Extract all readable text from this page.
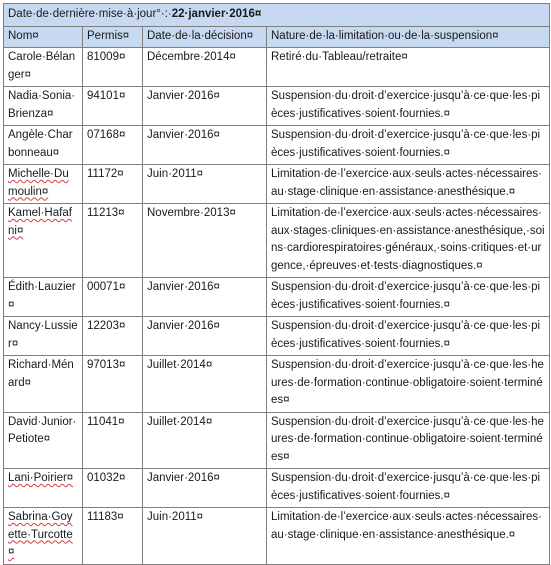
Date·de·dernière·mise·à·jour°·:·22·janvier·2016¤			
Nom¤	Permis¤	Date·de·la·décision¤	Nature·de·la·limitation·ou·de·la·suspension¤
Carole·Bélanger¤	81009¤	Décembre·2014¤	Retiré·du·Tableau/retraite¤
Nadia·Sonia·Brienza¤	94101¤	Janvier·2016¤	Suspension·du·droit·d’exercice·jusqu’à·ce·que·les·pièces·justificatives·soient·fournies.¤
Angèle·Charbonneau¤	07168¤	Janvier·2016¤	Suspension·du·droit·d’exercice·jusqu’à·ce·que·les·pièces·justificatives·soient·fournies.¤
Michelle·Dumoulin¤	11172¤	Juin·2011¤	Limitation·de·l’exercice·aux·seuls·actes·nécessaires·au·stage·clinique·en·assistance·anesthésique.¤
Kamel·Hafafni¤	11213¤	Novembre·2013¤	Limitation·de·l’exercice·aux·seuls·actes·nécessaires·aux·stages·cliniques·en·assistance·anesthésique,·soins·cardiorespiratoires·généraux,·soins·critiques·et·urgence,·épreuves·et·tests·diagnostiques.¤
Édith·Lauzier¤	00071¤	Janvier·2016¤	Suspension·du·droit·d’exercice·jusqu’à·ce·que·les·pièces·justificatives·soient·fournies.¤
Nancy·Lussier¤	12203¤	Janvier·2016¤	Suspension·du·droit·d’exercice·jusqu’à·ce·que·les·pièces·justificatives·soient·fournies.¤
Richard·Ménard¤	97013¤	Juillet·2014¤	Suspension·du·droit·d’exercice·jusqu’à·ce·que·les·heures·de·formation·continue·obligatoire·soient·terminées¤
David·Junior·Petiote¤	11041¤	Juillet·2014¤	Suspension·du·droit·d’exercice·jusqu’à·ce·que·les·heures·de·formation·continue·obligatoire·soient·terminées¤
Lani·Poirier¤	01032¤	Janvier·2016¤	Suspension·du·droit·d’exercice·jusqu’à·ce·que·les·pièces·justificatives·soient·fournies.¤
Sabrina·Goyette·Turcotte¤	11183¤	Juin·2011¤	Limitation·de·l’exercice·aux·seuls·actes·nécessaires·au·stage·clinique·en·assistance·anesthésique.¤
